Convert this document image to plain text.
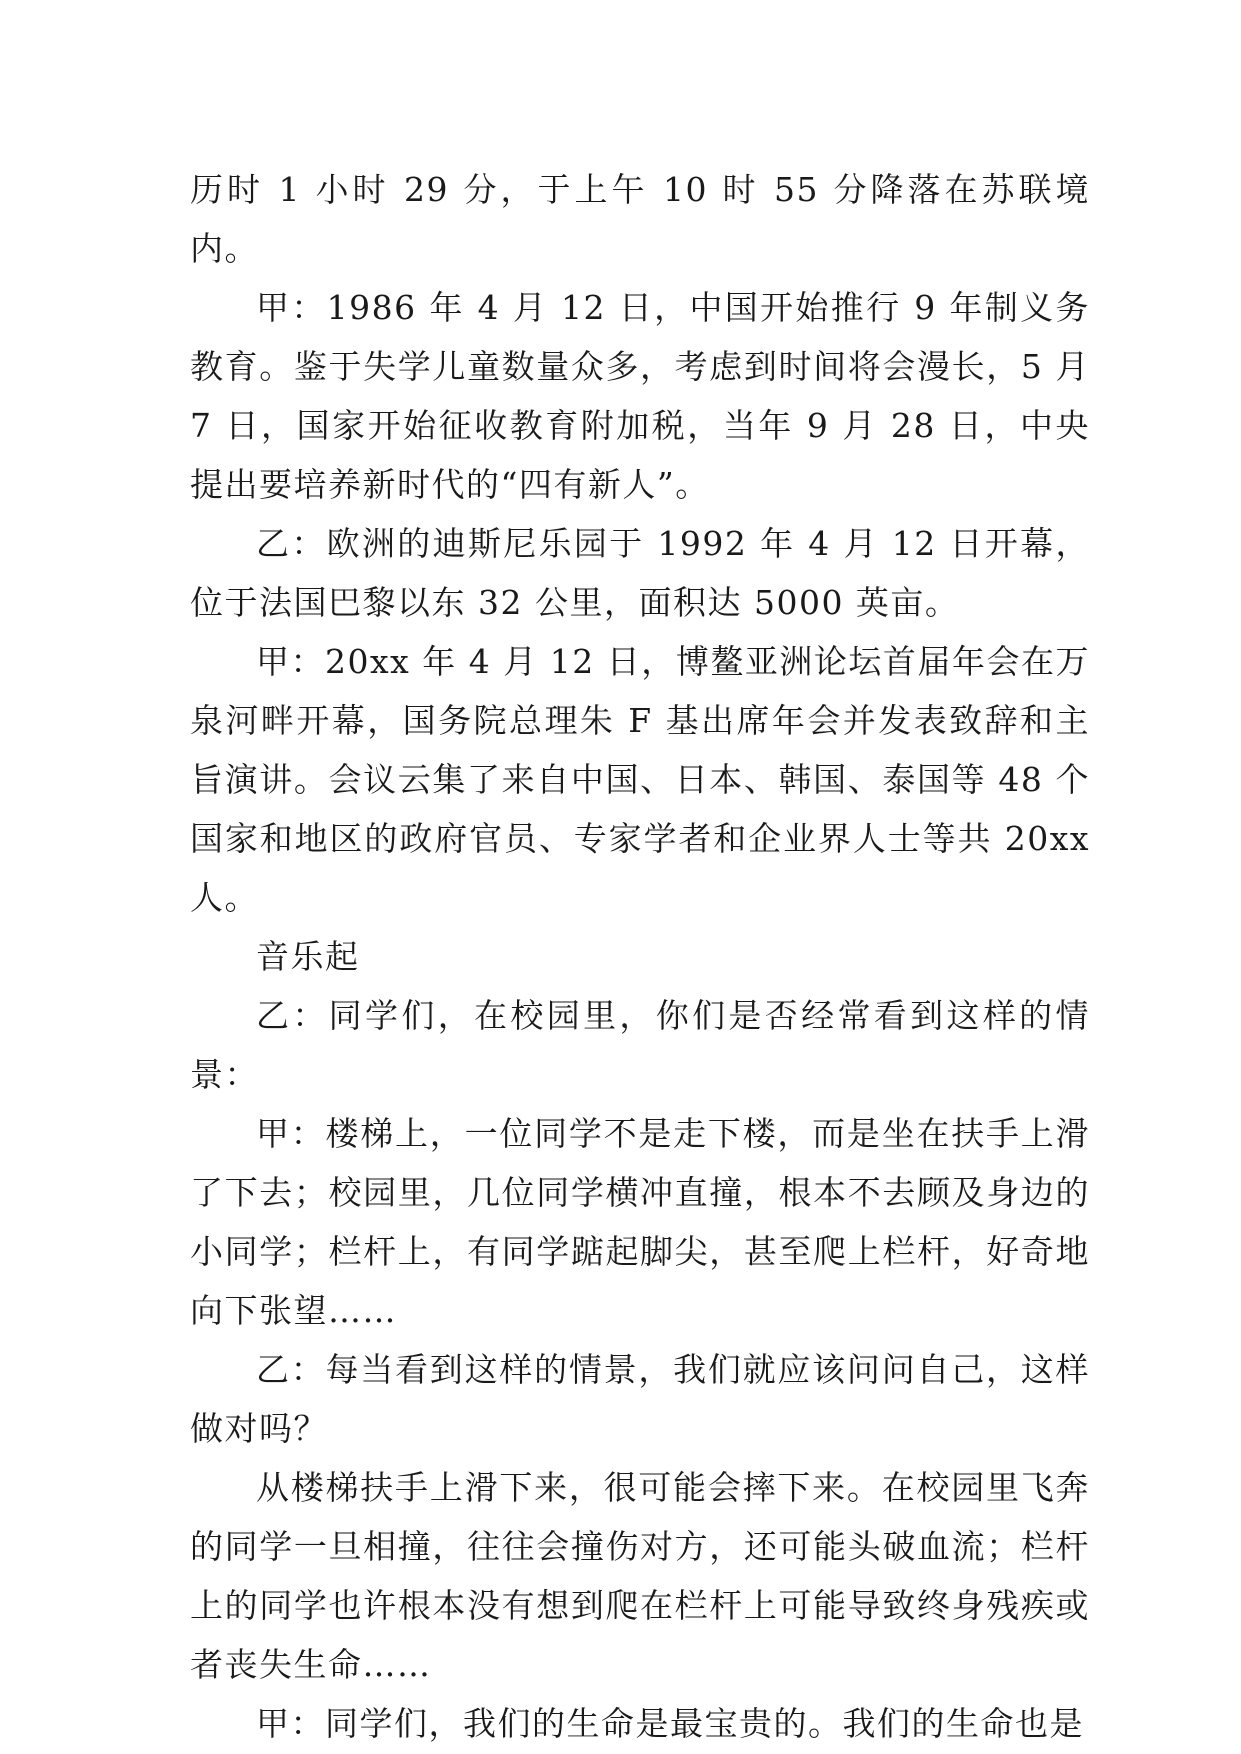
历时 1 小时 29 分，于上午 10 时 55 分降落在苏联境内。

甲：1986 年 4 月 12 日，中国开始推行 9 年制义务教育。鉴于失学儿童数量众多，考虑到时间将会漫长，5 月 7 日，国家开始征收教育附加税，当年 9 月 28 日，中央提出要培养新时代的“四有新人”。

乙：欧洲的迪斯尼乐园于 1992 年 4 月 12 日开幕，位于法国巴黎以东 32 公里，面积达 5000 英亩。

甲：20xx 年 4 月 12 日，博鳌亚洲论坛首届年会在万泉河畔开幕，国务院总理朱 F 基出席年会并发表致辞和主旨演讲。会议云集了来自中国、日本、韩国、泰国等 48 个国家和地区的政府官员、专家学者和企业界人士等共 20xx 人。

音乐起

乙：同学们，在校园里，你们是否经常看到这样的情景：

甲：楼梯上，一位同学不是走下楼，而是坐在扶手上滑了下去；校园里，几位同学横冲直撞，根本不去顾及身边的小同学；栏杆上，有同学踮起脚尖，甚至爬上栏杆，好奇地向下张望……

乙：每当看到这样的情景，我们就应该问问自己，这样做对吗？

从楼梯扶手上滑下来，很可能会摔下来。在校园里飞奔的同学一旦相撞，往往会撞伤对方，还可能头破血流；栏杆上的同学也许根本没有想到爬在栏杆上可能导致终身残疾或者丧失生命……

甲：同学们，我们的生命是最宝贵的。我们的生命也是
